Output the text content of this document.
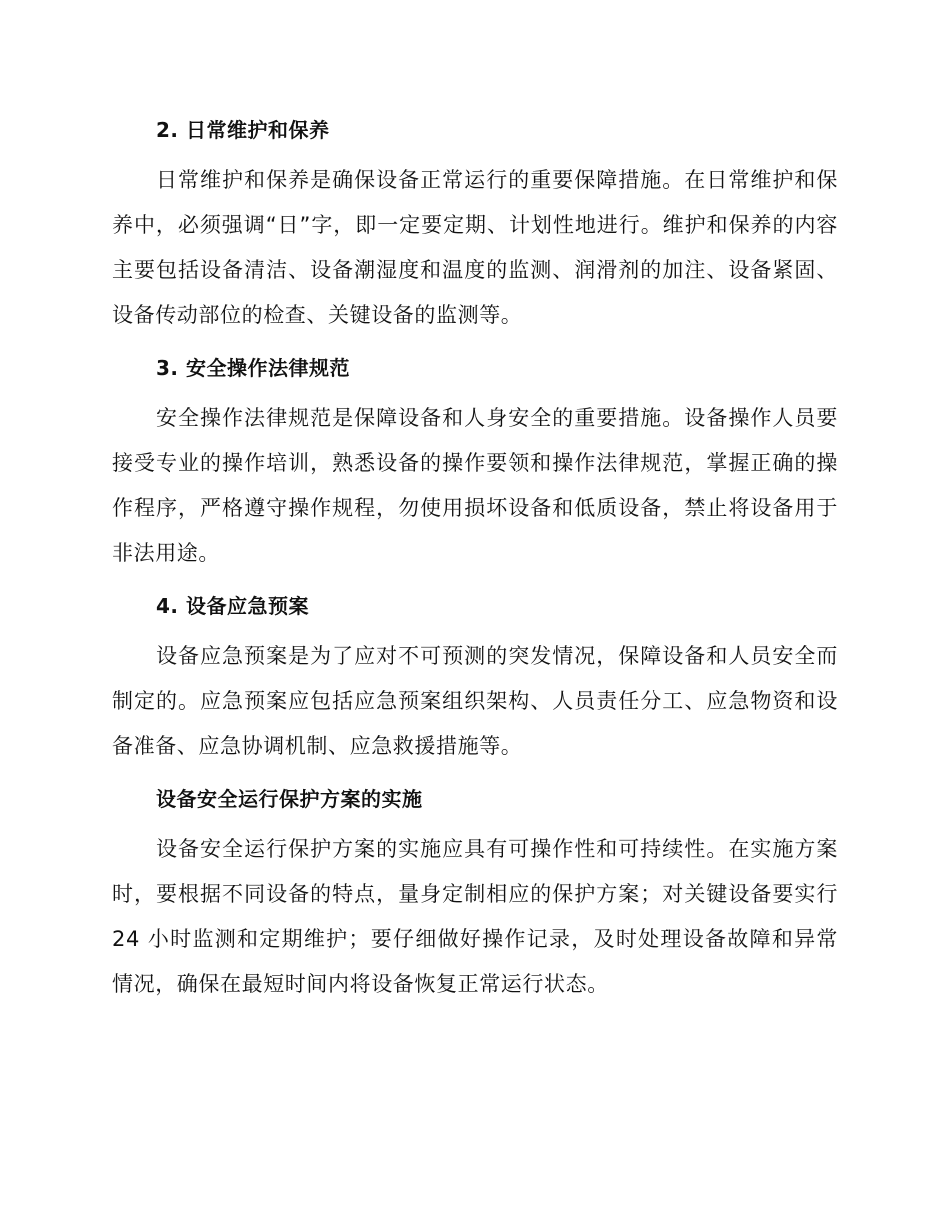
2. 日常维护和保养

日常维护和保养是确保设备正常运行的重要保障措施。在日常维护和保养中，必须强调“日”字，即一定要定期、计划性地进行。维护和保养的内容主要包括设备清洁、设备潮湿度和温度的监测、润滑剂的加注、设备紧固、设备传动部位的检查、关键设备的监测等。

3. 安全操作法律规范

安全操作法律规范是保障设备和人身安全的重要措施。设备操作人员要接受专业的操作培训，熟悉设备的操作要领和操作法律规范，掌握正确的操作程序，严格遵守操作规程，勿使用损坏设备和低质设备，禁止将设备用于非法用途。

4. 设备应急预案

设备应急预案是为了应对不可预测的突发情况，保障设备和人员安全而制定的。应急预案应包括应急预案组织架构、人员责任分工、应急物资和设备准备、应急协调机制、应急救援措施等。

设备安全运行保护方案的实施

设备安全运行保护方案的实施应具有可操作性和可持续性。在实施方案时，要根据不同设备的特点，量身定制相应的保护方案；对关键设备要实行24 小时监测和定期维护；要仔细做好操作记录，及时处理设备故障和异常情况，确保在最短时间内将设备恢复正常运行状态。
